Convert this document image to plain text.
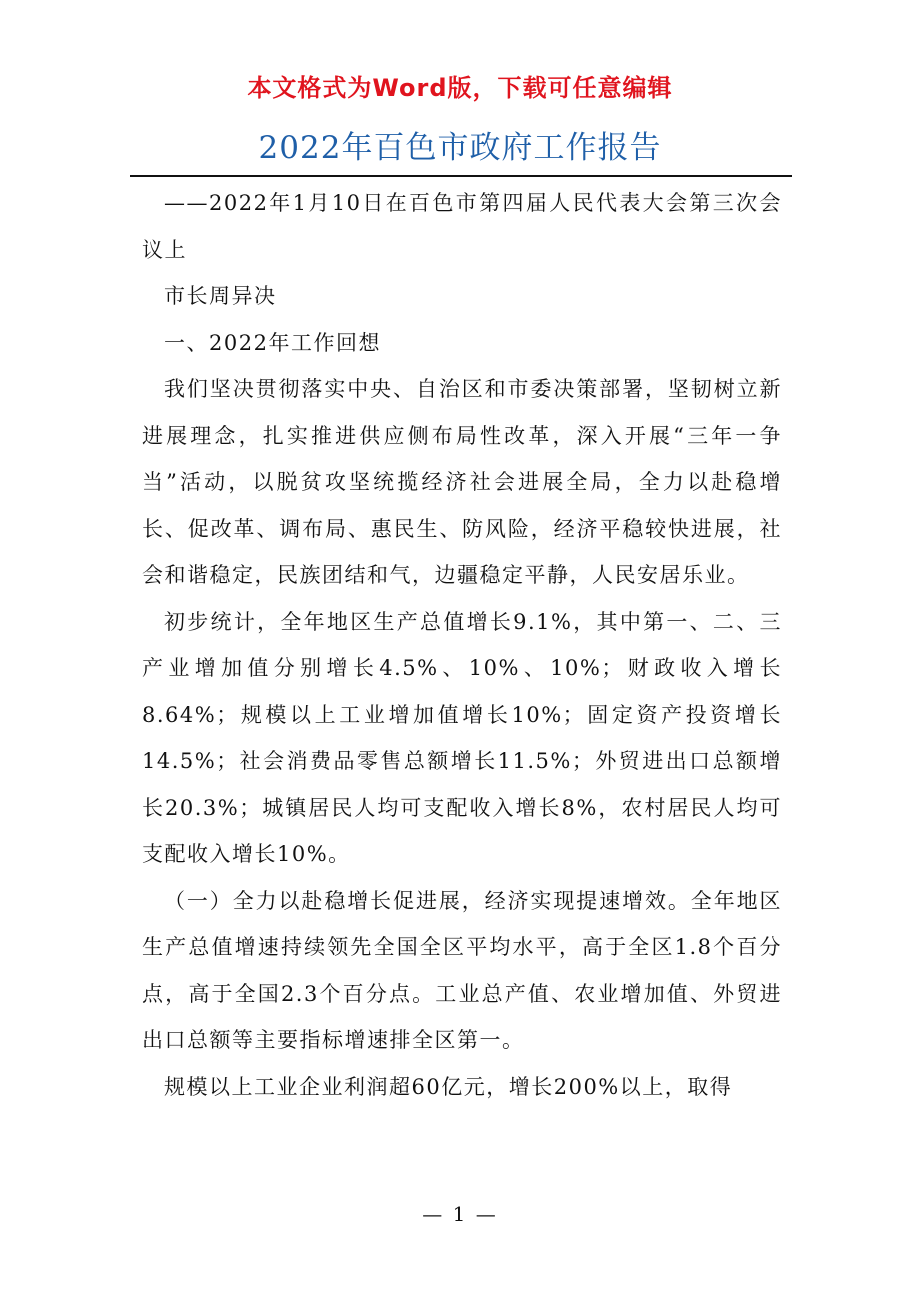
本文格式为Word版，下载可任意编辑
2022年百色市政府工作报告

——2022年1月10日在百色市第四届人民代表大会第三次会议上

市长周异决

一、2022年工作回想

我们坚决贯彻落实中央、自治区和市委决策部署，坚韧树立新进展理念，扎实推进供应侧布局性改革，深入开展“三年一争当”活动，以脱贫攻坚统揽经济社会进展全局，全力以赴稳增长、促改革、调布局、惠民生、防风险，经济平稳较快进展，社会和谐稳定，民族团结和气，边疆稳定平静，人民安居乐业。

初步统计，全年地区生产总值增长9.1%，其中第一、二、三产业增加值分别增长4.5%、10%、10%；财政收入增长8.64%；规模以上工业增加值增长10%；固定资产投资增长14.5%；社会消费品零售总额增长11.5%；外贸进出口总额增长20.3%；城镇居民人均可支配收入增长8%，农村居民人均可支配收入增长10%。

（一）全力以赴稳增长促进展，经济实现提速增效。全年地区生产总值增速持续领先全国全区平均水平，高于全区1.8个百分点，高于全国2.3个百分点。工业总产值、农业增加值、外贸进出口总额等主要指标增速排全区第一。

规模以上工业企业利润超60亿元，增长200%以上，取得

— 1 —
